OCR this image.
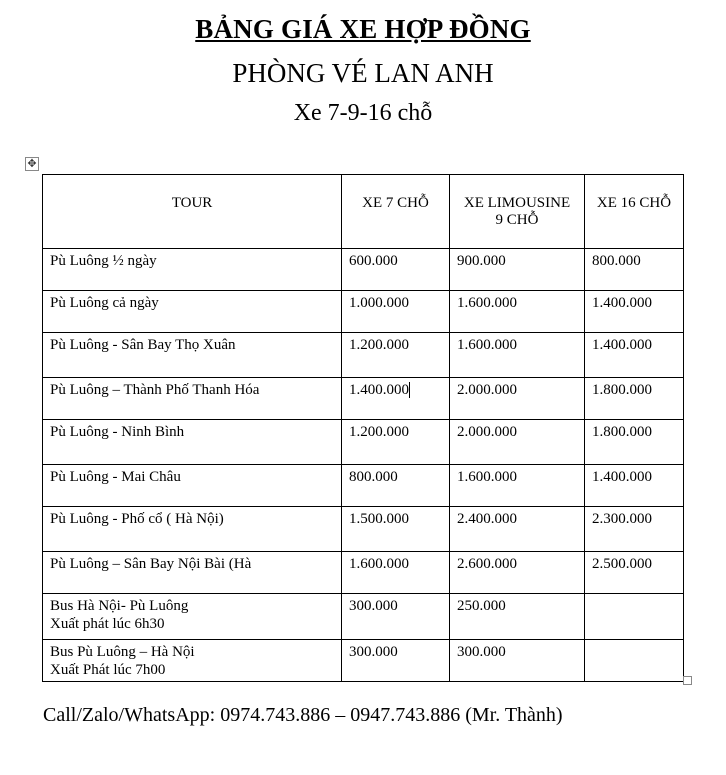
BẢNG GIÁ XE HỢP ĐỒNG
PHÒNG VÉ LAN ANH
Xe 7-9-16 chỗ
✥
TOUR	XE 7 CHỖ	XE LIMOUSINE
9 CHỖ	XE 16 CHỖ
Pù Luông ½ ngày	600.000	900.000	800.000
Pù Luông cả ngày	1.000.000	1.600.000	1.400.000
Pù Luông - Sân Bay Thọ Xuân	1.200.000	1.600.000	1.400.000
Pù Luông – Thành Phố Thanh Hóa	1.400.000	2.000.000	1.800.000
Pù Luông - Ninh Bình	1.200.000	2.000.000	1.800.000
Pù Luông - Mai Châu	800.000	1.600.000	1.400.000
Pù Luông - Phố cổ ( Hà Nội)	1.500.000	2.400.000	2.300.000
Pù Luông – Sân Bay Nội Bài (Hà	1.600.000	2.600.000	2.500.000

Bus Hà Nội- Pù Luông
Xuất phát lúc 6h30	300.000	250.000	

Bus Pù Luông – Hà Nội
Xuất Phát lúc 7h00	300.000	300.000	
Call/Zalo/WhatsApp: 0974.743.886 – 0947.743.886 (Mr. Thành)
